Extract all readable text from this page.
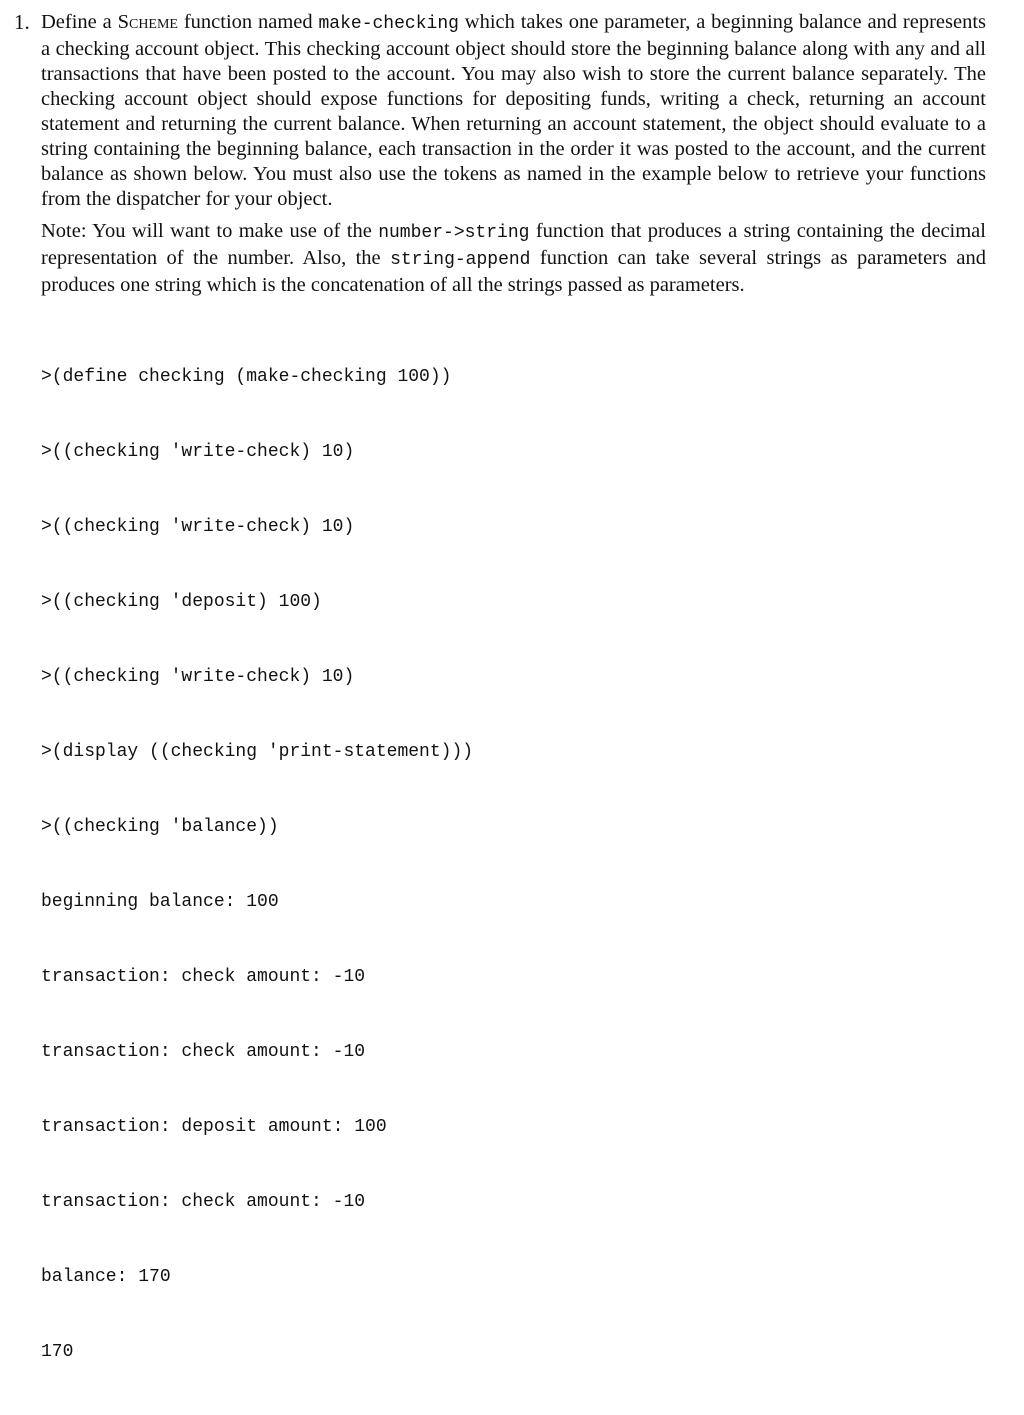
1. Define a Scheme function named make-checking which takes one parameter, a beginning balance and represents a checking account object. This checking account object should store the beginning balance along with any and all transactions that have been posted to the account. You may also wish to store the current balance separately. The checking account object should expose functions for depositing funds, writing a check, returning an account statement and returning the current balance. When returning an account statement, the object should evaluate to a string containing the beginning balance, each transaction in the order it was posted to the account, and the current balance as shown below. You must also use the tokens as named in the example below to retrieve your functions from the dispatcher for your object.
Note: You will want to make use of the number->string function that produces a string containing the decimal representation of the number. Also, the string-append function can take several strings as parameters and produces one string which is the concatenation of all the strings passed as parameters.

>(define checking (make-checking 100))

>((checking 'write-check) 10)

>((checking 'write-check) 10)

>((checking 'deposit) 100)

>((checking 'write-check) 10)

>(display ((checking 'print-statement)))

>((checking 'balance))

beginning balance: 100

transaction: check amount: -10

transaction: check amount: -10

transaction: deposit amount: 100

transaction: check amount: -10

balance: 170

170
